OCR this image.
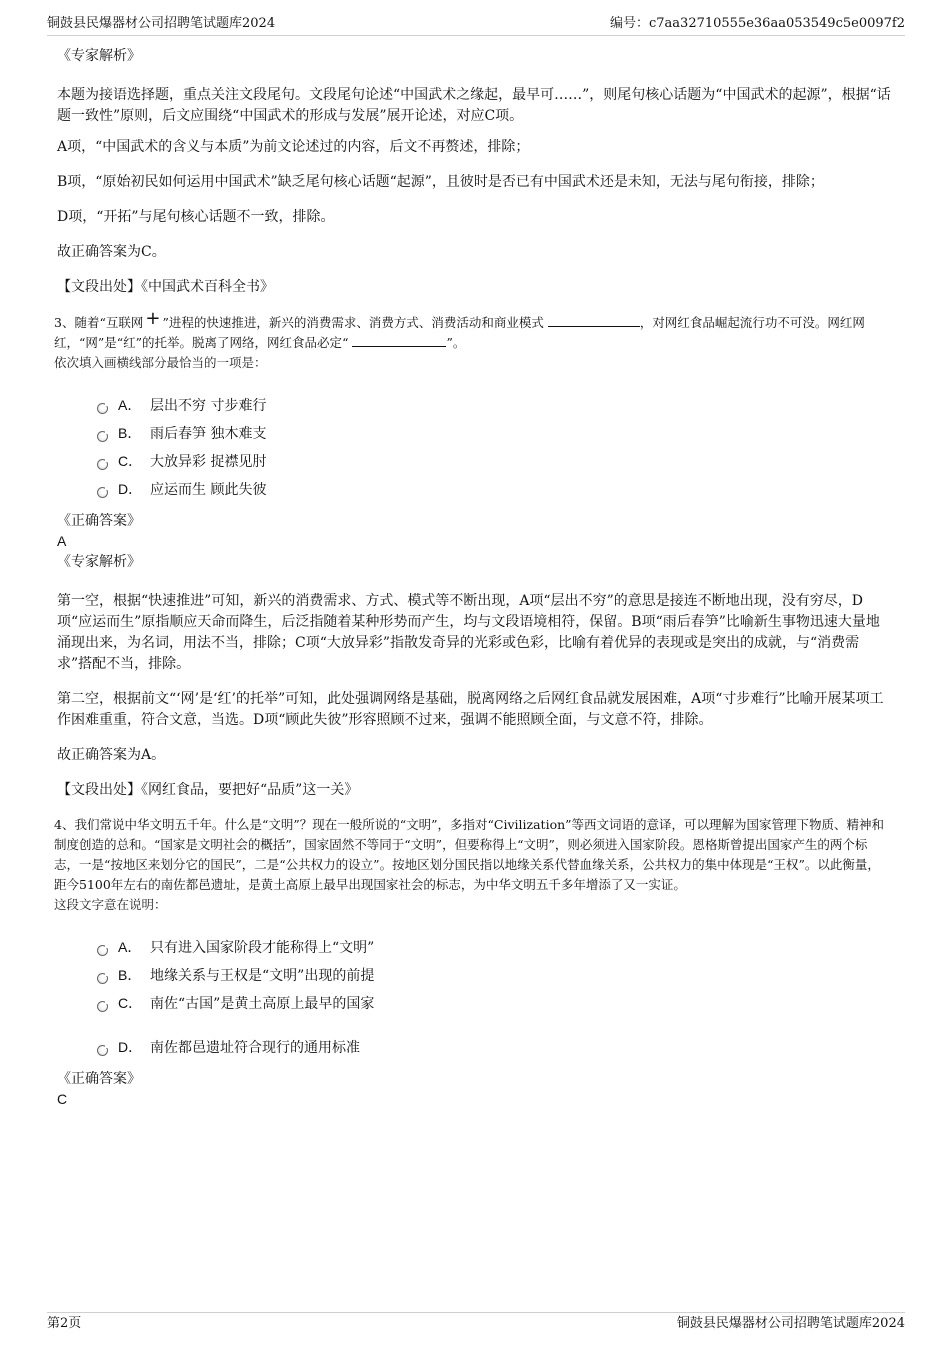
铜鼓县民爆器材公司招聘笔试题库2024	编号：c7aa32710555e36aa053549c5e0097f2

《专家解析》

本题为接语选择题，重点关注文段尾句。文段尾句论述“中国武术之缘起，最早可……”，则尾句核心话题为“中国武术的起源”，根据“话题一致性”原则，后文应围绕“中国武术的形成与发展”展开论述，对应C项。

A项，“中国武术的含义与本质”为前文论述过的内容，后文不再赘述，排除；

B项，“原始初民如何运用中国武术”缺乏尾句核心话题“起源”，且彼时是否已有中国武术还是未知，无法与尾句衔接，排除；

D项，“开拓”与尾句核心话题不一致，排除。

故正确答案为C。

【文段出处】《中国武术百科全书》

3、随着“互联网 + ”进程的快速推进，新兴的消费需求、消费方式、消费活动和商业模式	，对网红食品崛起流行功不可没。网红网红，“网”是“红”的托举。脱离了网络，网红食品必定“	”。

依次填入画横线部分最恰当的一项是：

A． 层出不穷 寸步难行
B． 雨后春笋 独木难支
C． 大放异彩 捉襟见肘
D． 应运而生 顾此失彼

《正确答案》

A

《专家解析》

第一空，根据“快速推进”可知，新兴的消费需求、方式、模式等不断出现，A项“层出不穷”的意思是接连不断地出现，没有穷尽，D项“应运而生”原指顺应天命而降生，后泛指随着某种形势而产生，均与文段语境相符，保留。B项“雨后春笋”比喻新生事物迅速大量地涌现出来，为名词，用法不当，排除；C项“大放异彩”指散发奇异的光彩或色彩，比喻有着优异的表现或是突出的成就，与“消费需求”搭配不当，排除。

第二空，根据前文“‘网’是‘红’的托举”可知，此处强调网络是基础，脱离网络之后网红食品就发展困难，A项“寸步难行”比喻开展某项工作困难重重，符合文意，当选。D项“顾此失彼”形容照顾不过来，强调不能照顾全面，与文意不符，排除。

故正确答案为A。

【文段出处】《网红食品，要把好“品质”这一关》

4、我们常说中华文明五千年。什么是“文明”？现在一般所说的“文明”，多指对“Civilization”等西文词语的意译，可以理解为国家管理下物质、精神和制度创造的总和。“国家是文明社会的概括”，国家固然不等同于“文明”，但要称得上“文明”，则必须进入国家阶段。恩格斯曾提出国家产生的两个标志，一是“按地区来划分它的国民”，二是“公共权力的设立”。按地区划分国民指以地缘关系代替血缘关系，公共权力的集中体现是“王权”。以此衡量，距今5100年左右的南佐都邑遗址，是黄土高原上最早出现国家社会的标志，为中华文明五千多年增添了又一实证。

这段文字意在说明：

A． 只有进入国家阶段才能称得上“文明”
B． 地缘关系与王权是“文明”出现的前提
C． 南佐“古国”是黄土高原上最早的国家
D． 南佐都邑遗址符合现行的通用标准

《正确答案》

C

第2页	铜鼓县民爆器材公司招聘笔试题库2024
